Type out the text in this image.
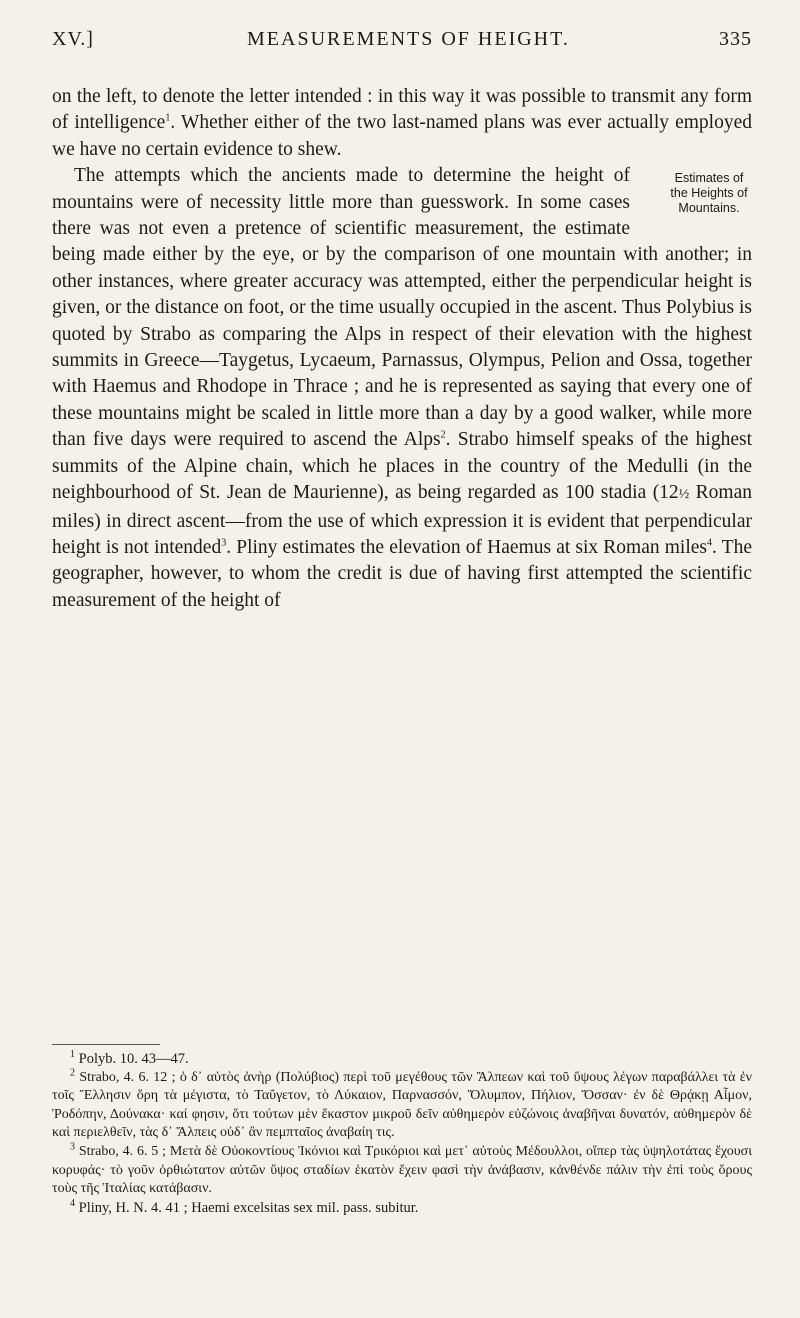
XV.]	MEASUREMENTS OF HEIGHT.	335

on the left, to denote the letter intended : in this way it was possible to transmit any form of intelligence$^1$. Whether either of the two last-named plans was ever actually employed we have no certain evidence to shew.

Estimates of
the Heights of
Mountains.
The attempts which the ancients made to determine the height of mountains were of necessity little more than guesswork. In some cases there was not even a pretence of scientific measurement, the estimate being made either by the eye, or by the comparison of one mountain with another; in other instances, where greater accuracy was attempted, either the perpendicular height is given, or the distance on foot, or the time usually occupied in the ascent. Thus Polybius is quoted by Strabo as comparing the Alps in respect of their elevation with the highest summits in Greece—Taygetus, Lycaeum, Parnassus, Olympus, Pelion and Ossa, together with Haemus and Rhodope in Thrace ; and he is represented as saying that every one of these mountains might be scaled in little more than a day by a good walker, while more than five days were required to ascend the Alps$^2$. Strabo himself speaks of the highest summits of the Alpine chain, which he places in the country of the Medulli (in the neighbourhood of St. Jean de Maurienne), as being regarded as 100 stadia (12½ Roman miles) in direct ascent—from the use of which expression it is evident that perpendicular height is not intended$^3$. Pliny estimates the elevation of Haemus at six Roman miles$^4$. The geographer, however, to whom the credit is due of having first attempted the scientific measurement of the height of

$^1$ Polyb. 10. 43—47.

$^2$ Strabo, 4. 6. 12 ; ὁ δ᾽ αὐτὸς ἀνὴρ (Πολύβιος) περὶ τοῦ μεγέθους τῶν Ἄλπεων καὶ τοῦ ὕψους λέγων παραβάλλει τὰ ἐν τοῖς Ἕλλησιν ὄρη τὰ μέγιστα, τὸ Ταΰγετον, τὸ Λύκαιον, Παρνασσόν, Ὄλυμπον, Πήλιον, Ὄσσαν· ἐν δὲ Θρᾴκῃ Αἷμον, Ῥοδόπην, Δούνακα· καί φησιν, ὅτι τούτων μὲν ἕκαστον μικροῦ δεῖν αὐθημερὸν εὐζώνοις ἀναβῆναι δυνατόν, αὐθημερὸν δὲ καὶ περιελθεῖν, τὰς δ᾽ Ἄλπεις οὐδ᾽ ἂν πεμπταῖος ἀναβαίη τις.

$^3$ Strabo, 4. 6. 5 ; Μετὰ δὲ Οὐοκοντίους Ἰκόνιοι καὶ Τρικόριοι καὶ μετ᾽ αὐτοὺς Μέδουλλοι, οἵπερ τὰς ὑψηλοτάτας ἔχουσι κορυφάς· τὸ γοῦν ὀρθιώτατον αὐτῶν ὕψος σταδίων ἑκατὸν ἔχειν φασὶ τὴν ἀνάβασιν, κἀνθένδε πάλιν τὴν ἐπὶ τοὺς ὅρους τοὺς τῆς Ἰταλίας κατάβασιν.

$^4$ Pliny, H. N. 4. 41 ; Haemi excelsitas sex mil. pass. subitur.
